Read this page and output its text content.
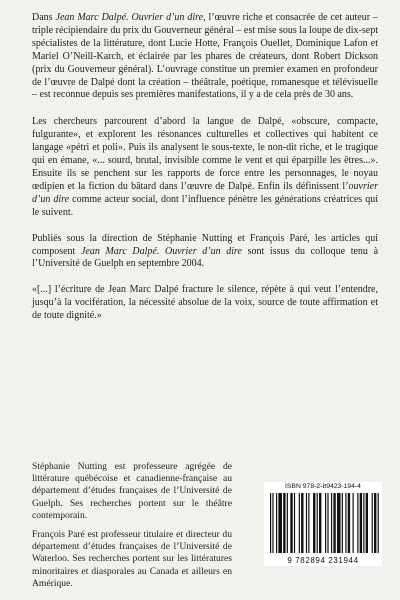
Dans Jean Marc Dalpé. Ouvrier d’un dire, l’œuvre riche et consacrée de cet auteur – triple récipiendaire du prix du Gouverneur général – est mise sous la loupe de dix-sept spécialistes de la littérature, dont Lucie Hotte, François Ouellet, Dominique Lafon et Mariel O’Neill-Karch, et éclairée par les phares de créateurs, dont Robert Dickson (prix du Gouverneur général). L’ouvrage constitue un premier examen en profondeur de l’œuvre de Dalpé dont la création – théâtrale, poétique, romanesque et télévisuelle – est reconnue depuis ses premières manifestations, il y a de cela près de 30 ans.

Les chercheurs parcourent d’abord la langue de Dalpé, «obscure, compacte, fulgurante», et explorent les résonances culturelles et collectives qui habitent ce langage «pétri et poli». Puis ils analysent le sous-texte, le non-dit riche, et le tragique qui en émane, «... sourd, brutal, invisible comme le vent et qui éparpille les êtres...». Ensuite ils se penchent sur les rapports de force entre les personnages, le noyau œdipien et la fiction du bâtard dans l’œuvre de Dalpé. Enfin ils définissent l’ouvrier d’un dire comme acteur social, dont l’influence pénètre les générations créatrices qui le suivent.

Publiés sous la direction de Stéphanie Nutting et François Paré, les articles qui composent Jean Marc Dalpé. Ouvrier d’un dire sont issus du colloque tenu à l’Université de Guelph en septembre 2004.

«[...] l’écriture de Jean Marc Dalpé fracture le silence, répète à qui veut l’entendre, jusqu’à la vocifération, la nécessité absolue de la voix, source de toute affirmation et de toute dignité.»

Stéphanie Nutting est professeure agrégée de littérature québécoise et canadienne-française au département d’études françaises de l’Université de Guelph. Ses recherches portent sur le théâtre contemporain.

François Paré est professeur titulaire et directeur du département d’études françaises de l’Université de Waterloo. Ses recherches portent sur les littératures minoritaires et diasporales au Canada et ailleurs en Amérique.

ISBN 978-2-89423-194-4
9 782894 231944
